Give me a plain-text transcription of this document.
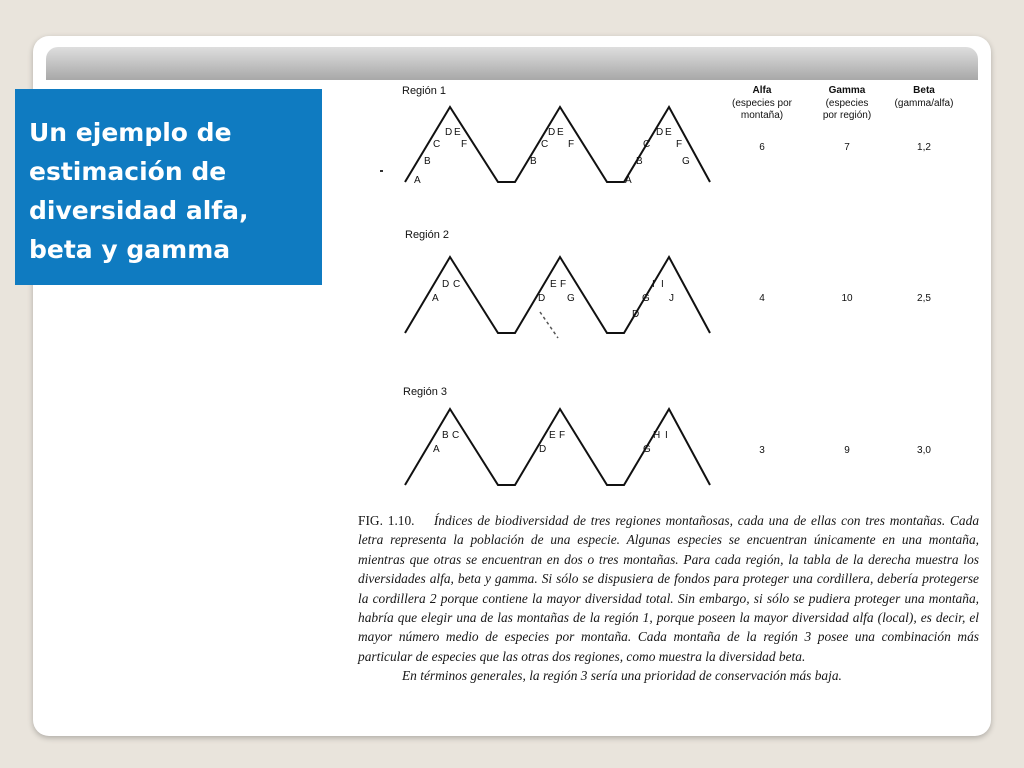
Un ejemplo de estimación de diversidad alfa, beta y gamma
Región 1
Región 2
Región 3
Alfa
(especies por
montaña)
Gamma
(especies
por región)
Beta
(gamma/alfa)
6	7	1,2
4	10	2,5
3	9	3,0
D E
C F
B
A
D E
C F
B
D E
C	F
B	G
A
D C
A
E F
D G
I I
G J
D
B C
A
E F
D
H I
G
FIG. 1.10. Índices de biodiversidad de tres regiones montañosas, cada una de ellas con tres montañas. Cada letra representa la población de una especie. Algunas especies se encuentran únicamente en una montaña, mientras que otras se encuentran en dos o tres montañas. Para cada región, la tabla de la derecha muestra los diversidades alfa, beta y gamma. Si sólo se dispusiera de fondos para proteger una cordillera, debería protegerse la cordillera 2 porque contiene la mayor diversidad total. Sin embargo, si sólo se pudiera proteger una montaña, habría que elegir una de las montañas de la región 1, porque poseen la mayor diversidad alfa (local), es decir, el mayor número medio de especies por montaña. Cada montaña de la región 3 posee una combinación más particular de especies que las otras dos regiones, como muestra la diversidad beta.
En términos generales, la región 3 sería una prioridad de conservación más baja.
